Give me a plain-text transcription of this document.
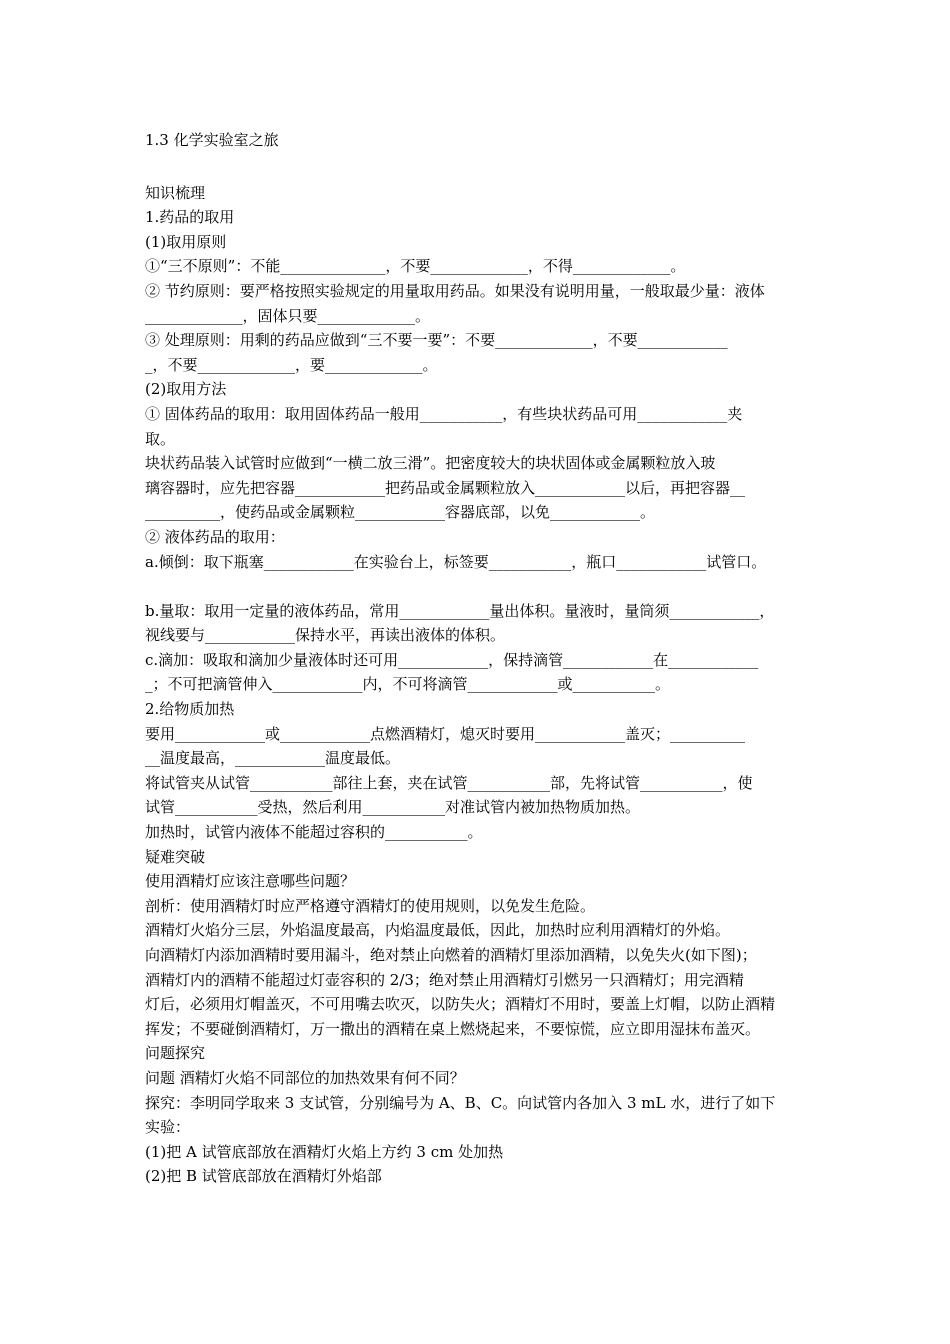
1.3 化学实验室之旅
知识梳理
1.药品的取用
(1)取用原则
①“三不原则”：不能______________，不要_____________，不得_____________。
② 节约原则：要严格按照实验规定的用量取用药品。如果没有说明用量，一般取最少量：液体
_____________，固体只要_____________。
③ 处理原则：用剩的药品应做到“三不要一要”：不要_____________，不要____________
_，不要_____________，要_____________。
(2)取用方法
① 固体药品的取用：取用固体药品一般用___________，有些块状药品可用____________夹
取。
块状药品装入试管时应做到“一横二放三滑”。把密度较大的块状固体或金属颗粒放入玻
璃容器时，应先把容器____________把药品或金属颗粒放入____________以后，再把容器__
__________，使药品或金属颗粒____________容器底部，以免____________。
② 液体药品的取用：
a.倾倒：取下瓶塞____________在实验台上，标签要___________，瓶口____________试管口。
b.量取：取用一定量的液体药品，常用____________量出体积。量液时，量筒须____________，
视线要与____________保持水平，再读出液体的体积。
c.滴加：吸取和滴加少量液体时还可用____________，保持滴管____________在____________
_；不可把滴管伸入____________内，不可将滴管____________或___________。
2.给物质加热
要用____________或____________点燃酒精灯，熄灭时要用____________盖灭；__________
__温度最高，____________温度最低。
将试管夹从试管___________部往上套，夹在试管___________部，先将试管___________，使
试管___________受热，然后利用___________对准试管内被加热物质加热。
加热时，试管内液体不能超过容积的___________。
疑难突破
使用酒精灯应该注意哪些问题？
剖析：使用酒精灯时应严格遵守酒精灯的使用规则，以免发生危险。
酒精灯火焰分三层，外焰温度最高，内焰温度最低，因此，加热时应利用酒精灯的外焰。
向酒精灯内添加酒精时要用漏斗，绝对禁止向燃着的酒精灯里添加酒精，以免失火(如下图)；
酒精灯内的酒精不能超过灯壶容积的 2/3；绝对禁止用酒精灯引燃另一只酒精灯；用完酒精
灯后，必须用灯帽盖灭，不可用嘴去吹灭，以防失火；酒精灯不用时，要盖上灯帽，以防止酒精
挥发；不要碰倒酒精灯，万一撒出的酒精在桌上燃烧起来，不要惊慌，应立即用湿抹布盖灭。
问题探究
问题 酒精灯火焰不同部位的加热效果有何不同？
探究：李明同学取来 3 支试管，分别编号为 A、B、C。向试管内各加入 3 mL 水，进行了如下
实验：
(1)把 A 试管底部放在酒精灯火焰上方约 3 cm 处加热
(2)把 B 试管底部放在酒精灯外焰部
